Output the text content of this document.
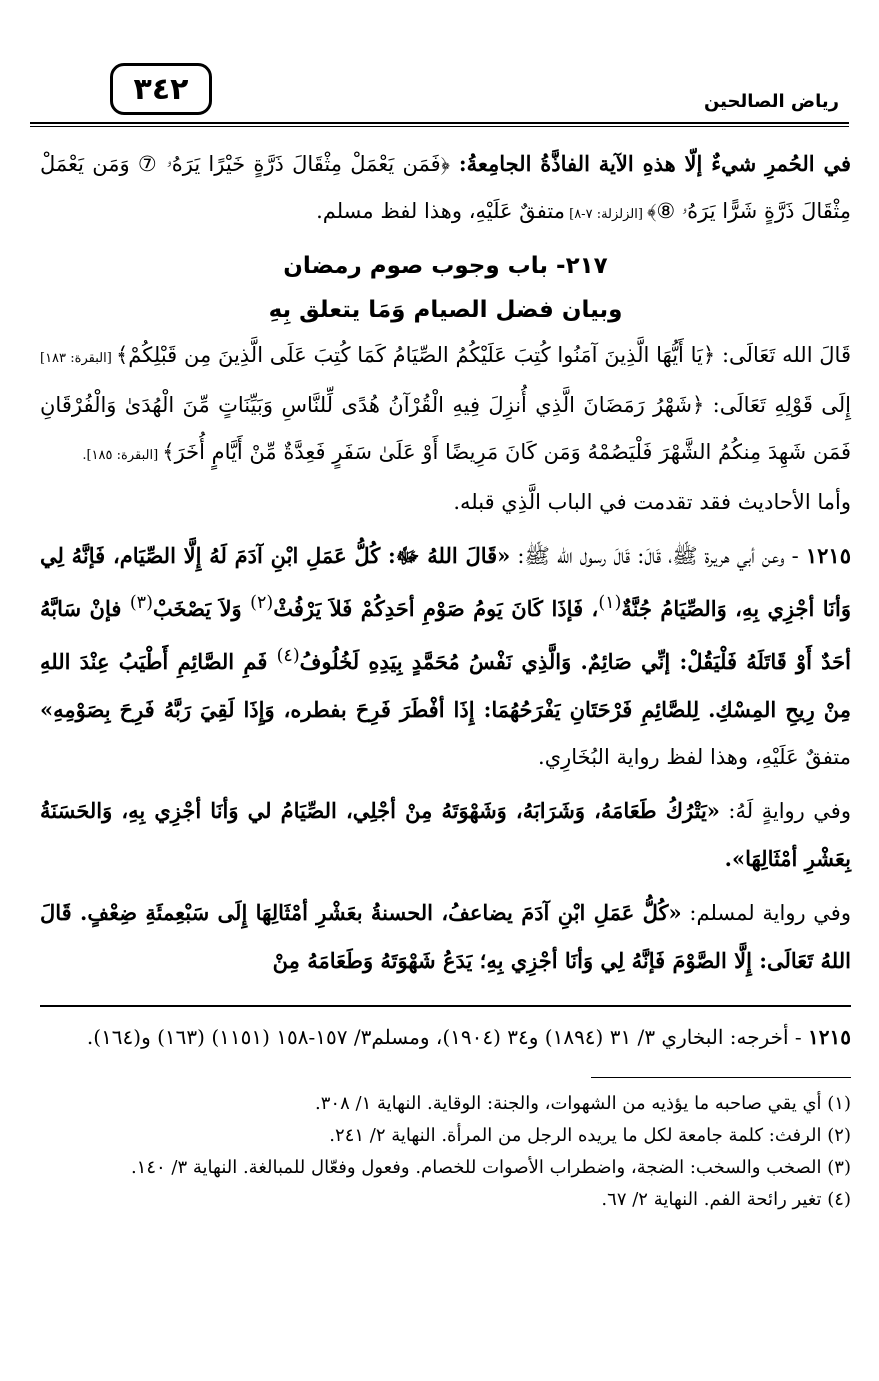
رياض الصالحين
٣٤٢

في الحُمرِ شيءٌ إلّا هذهِ الآية الفاذَّةُ الجامِعةُ: ﴿فَمَن يَعْمَلْ مِثْقَالَ ذَرَّةٍ خَيْرًا يَرَهُۥ ⑦ وَمَن يَعْمَلْ مِثْقَالَ ذَرَّةٍ شَرًّا يَرَهُۥ ⑧﴾ [الزلزلة: ٧-٨] متفقٌ عَلَيْهِ، وهذا لفظ مسلم.

٢١٧- باب وجوب صوم رمضان

وبيان فضل الصيام وَمَا يتعلق بِهِ

قَالَ الله تَعَالَى: ﴿يَا أَيُّهَا الَّذِينَ آمَنُوا كُتِبَ عَلَيْكُمُ الصِّيَامُ كَمَا كُتِبَ عَلَى الَّذِينَ مِن قَبْلِكُمْ﴾ [البقرة: ١٨٣] إِلَى قَوْلِهِ تَعَالَى: ﴿شَهْرُ رَمَضَانَ الَّذِي أُنزِلَ فِيهِ الْقُرْآنُ هُدًى لِّلنَّاسِ وَبَيِّنَاتٍ مِّنَ الْهُدَىٰ وَالْفُرْقَانِ فَمَن شَهِدَ مِنكُمُ الشَّهْرَ فَلْيَصُمْهُ وَمَن كَانَ مَرِيضًا أَوْ عَلَىٰ سَفَرٍ فَعِدَّةٌ مِّنْ أَيَّامٍ أُخَرَ﴾ [البقرة: ١٨٥].

وأما الأحاديث فقد تقدمت في الباب الَّذِي قبله.

١٢١٥ - وعن أبي هريرة ﷺ، قَالَ: قَالَ رسول الله ﷺ: «قَالَ اللهُ ﷻ: كُلُّ عَمَلِ ابْنِ آدَمَ لَهُ إِلَّا الصِّيَام، فَإنَّهُ لِي وَأنَا أجْزِي بِهِ، وَالصِّيَامُ جُنَّةٌ$^{(١)}$، فَإذَا كَانَ يَومُ صَوْمِ أحَدِكُمْ فَلاَ يَرْفُثْ$^{(٢)}$ وَلاَ يَصْخَبْ$^{(٣)}$ فإنْ سَابَّهُ أحَدٌ أَوْ قَاتَلَهُ فَلْيَقُلْ: إنِّي صَائِمٌ. وَالَّذِي نَفْسُ مُحَمَّدٍ بِيَدِهِ لَخُلُوفُ$^{(٤)}$ فَمِ الصَّائِمِ أَطْيَبُ عِنْدَ اللهِ مِنْ رِيحِ المِسْكِ. لِلصَّائِمِ فَرْحَتَانِ يَفْرَحُهُمَا: إِذَا أفْطَرَ فَرِحَ بفطره، وَإِذَا لَقِيَ رَبَّهُ فَرِحَ بِصَوْمِهِ» متفقٌ عَلَيْهِ، وهذا لفظ رواية البُخَارِي.

وفي روايةٍ لَهُ: «يَتْرُكُ طَعَامَهُ، وَشَرَابَهُ، وَشَهْوَتَهُ مِنْ أجْلِي، الصِّيَامُ لي وَأنَا أجْزِي بِهِ، وَالحَسَنَةُ بِعَشْرِ أمْثَالِهَا».

وفي رواية لمسلم: «كُلُّ عَمَلِ ابْنِ آدَمَ يضاعفُ، الحسنةُ بعَشْرِ أمْثَالِهَا إِلَى سَبْعِمئَةِ ضِعْفٍ. قَالَ اللهُ تَعَالَى: إِلَّا الصَّوْمَ فَإنَّهُ لِي وَأنَا أجْزِي بِهِ؛ يَدَعُ شَهْوَتَهُ وَطَعَامَهُ مِنْ

١٢١٥ - أخرجه: البخاري ٣/ ٣١ (١٨٩٤) و٣٤ (١٩٠٤)، ومسلم٣/ ١٥٧-١٥٨ (١١٥١) (١٦٣) و(١٦٤).

(١) أي يقي صاحبه ما يؤذيه من الشهوات، والجنة: الوقاية. النهاية ١/ ٣٠٨.

(٢) الرفث: كلمة جامعة لكل ما يريده الرجل من المرأة. النهاية ٢/ ٢٤١.

(٣) الصخب والسخب: الضجة، واضطراب الأصوات للخصام. وفعول وفعّال للمبالغة. النهاية ٣/ ١٤٠.

(٤) تغير رائحة الفم. النهاية ٢/ ٦٧.
